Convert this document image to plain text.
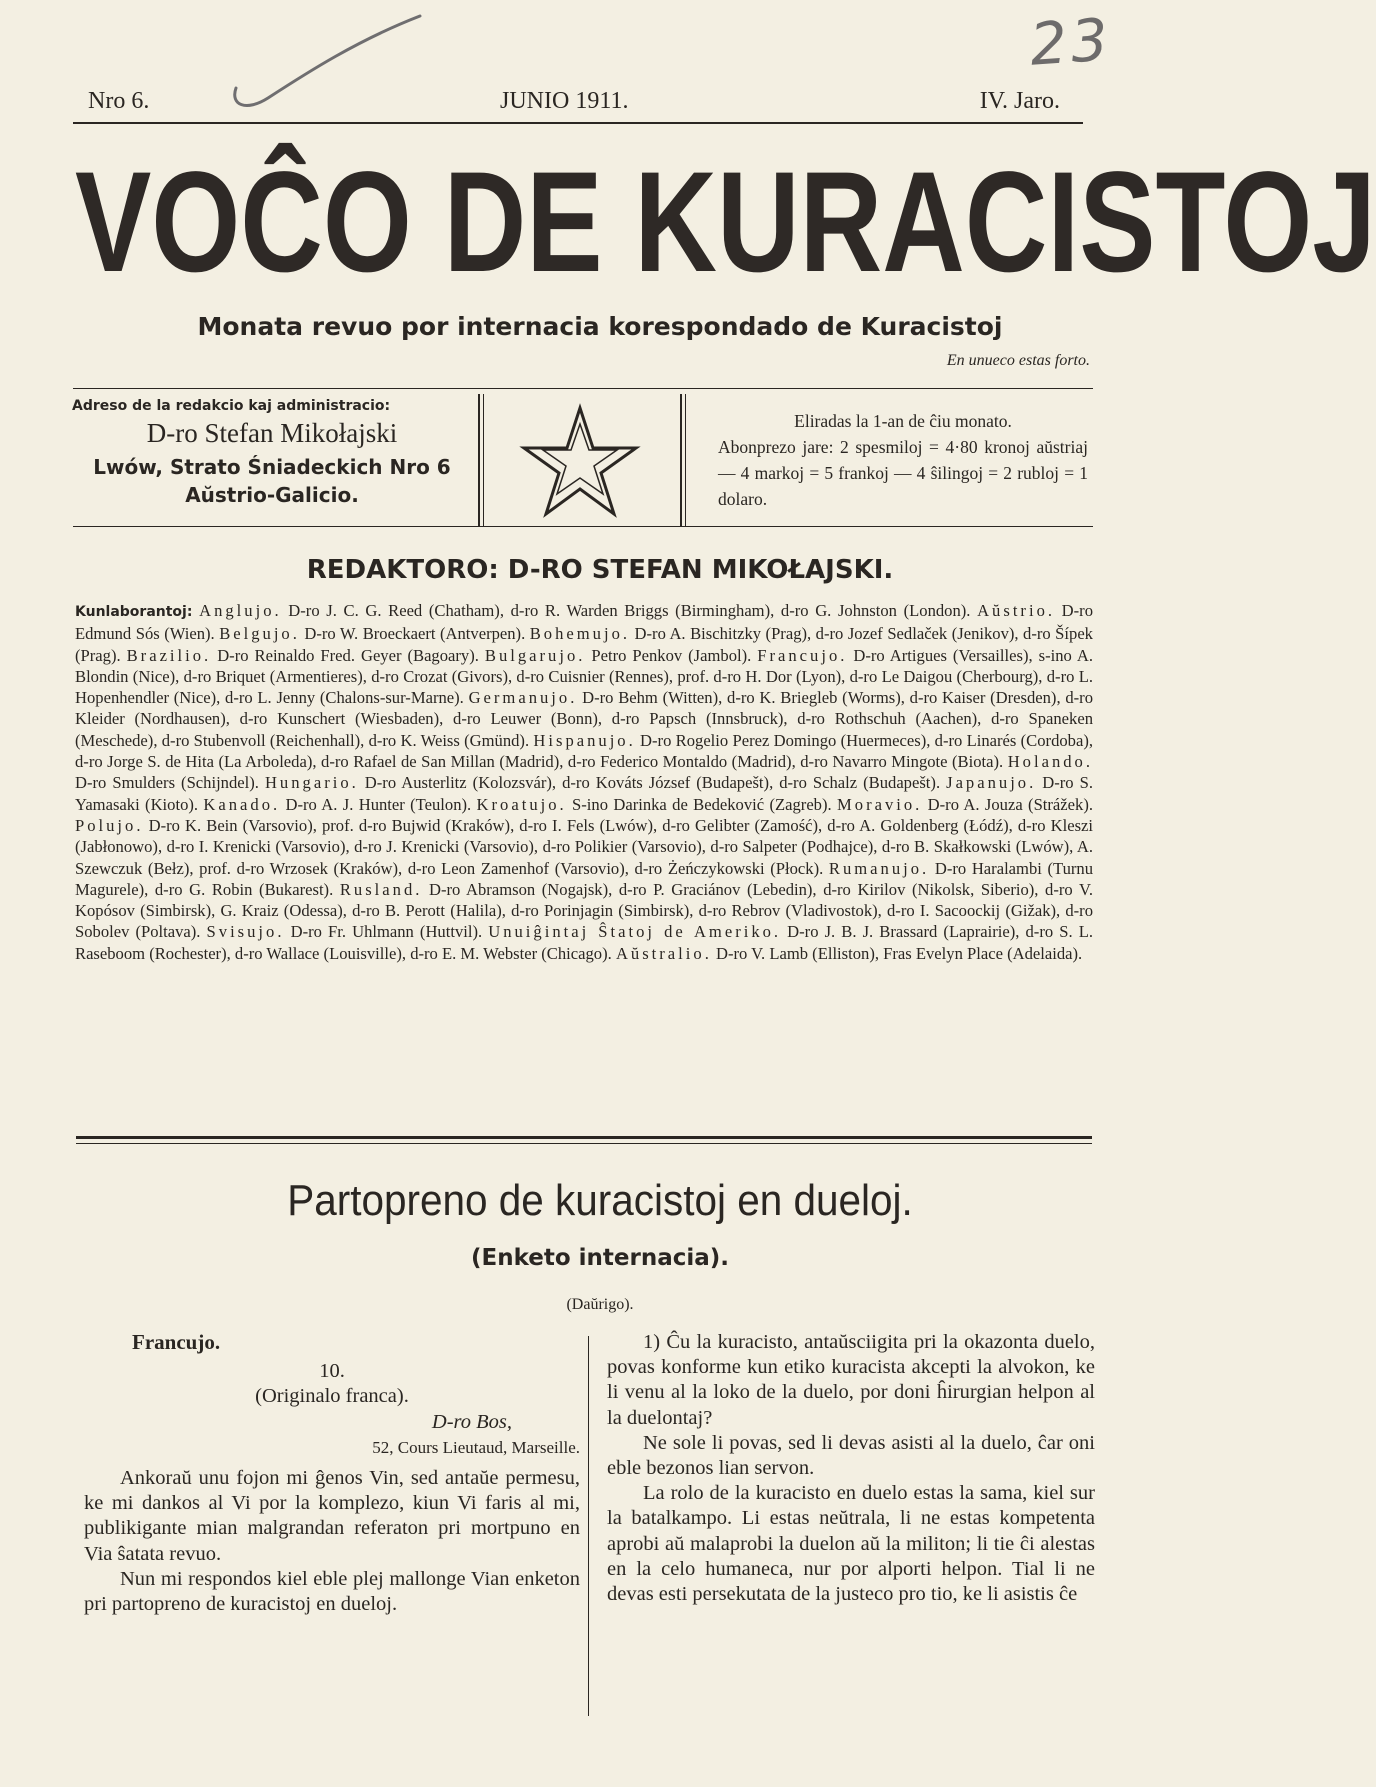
23
Nro 6.	JUNIO 1911.	IV. Jaro.
VOĈO DE KURACISTOJ
Monata revuo por internacia korespondado de Kuracistoj
En unueco estas forto.
Adreso de la redakcio kaj administracio:
D-ro Stefan Mikołajski
Lwów, Strato Śniadeckich Nro 6
Aŭstrio-Galicio.
Eliradas la 1-an de ĉiu monato.
Abonprezo jare: 2 spesmiloj = 4·80 kronoj aŭstriaj — 4 markoj = 5 frankoj — 4 ŝilingoj = 2 rubloj = 1 dolaro.
REDAKTORO: D-RO STEFAN MIKOŁAJSKI.
Kunlaborantoj: Anglujo. D-ro J. C. G. Reed (Chatham), d-ro R. Warden Briggs (Birmingham), d-ro G. Johnston (London). Aŭstrio. D-ro Edmund Sós (Wien). Belgujo. D-ro W. Broeckaert (Antverpen). Bohemujo. D-ro A. Bischitzky (Prag), d-ro Jozef Sedlaček (Jenikov), d-ro Šípek (Prag). Brazilio. D-ro Reinaldo Fred. Geyer (Bagoary). Bulgarujo. Petro Penkov (Jambol). Francujo. D-ro Artigues (Versailles), s-ino A. Blondin (Nice), d-ro Briquet (Armentieres), d-ro Crozat (Givors), d-ro Cuisnier (Rennes), prof. d-ro H. Dor (Lyon), d-ro Le Daigou (Cherbourg), d-ro L. Hopenhendler (Nice), d-ro L. Jenny (Chalons-sur-Marne). Germanujo. D-ro Behm (Witten), d-ro K. Briegleb (Worms), d-ro Kaiser (Dresden), d-ro Kleider (Nordhausen), d-ro Kunschert (Wiesbaden), d-ro Leuwer (Bonn), d-ro Papsch (Innsbruck), d-ro Rothschuh (Aachen), d-ro Spaneken (Meschede), d-ro Stubenvoll (Reichenhall), d-ro K. Weiss (Gmünd). Hispanujo. D-ro Rogelio Perez Domingo (Huermeces), d-ro Linarés (Cordoba), d-ro Jorge S. de Hita (La Arboleda), d-ro Rafael de San Millan (Madrid), d-ro Federico Montaldo (Madrid), d-ro Navarro Mingote (Biota). Holando. D-ro Smulders (Schijndel). Hungario. D-ro Austerlitz (Kolozsvár), d-ro Kováts József (Budapešt), d-ro Schalz (Budapešt). Japanujo. D-ro S. Yamasaki (Kioto). Kanado. D-ro A. J. Hunter (Teulon). Kroatujo. S-ino Darinka de Bedeković (Zagreb). Moravio. D-ro A. Jouza (Strážek). Polujo. D-ro K. Bein (Varsovio), prof. d-ro Bujwid (Kraków), d-ro I. Fels (Lwów), d-ro Gelibter (Zamość), d-ro A. Goldenberg (Łódź), d-ro Kleszi (Jabłonowo), d-ro I. Krenicki (Varsovio), d-ro J. Krenicki (Varsovio), d-ro Polikier (Varsovio), d-ro Salpeter (Podhajce), d-ro B. Skałkowski (Lwów), A. Szewczuk (Bełz), prof. d-ro Wrzosek (Kraków), d-ro Leon Zamenhof (Varsovio), d-ro Żeńczykowski (Płock). Rumanujo. D-ro Haralambi (Turnu Magurele), d-ro G. Robin (Bukarest). Rusland. D-ro Abramson (Nogajsk), d-ro P. Graciánov (Lebedin), d-ro Kirilov (Nikolsk, Siberio), d-ro V. Kopósov (Simbirsk), G. Kraiz (Odessa), d-ro B. Perott (Halila), d-ro Porinjagin (Simbirsk), d-ro Rebrov (Vladivostok), d-ro I. Sacoockij (Gižak), d-ro Sobolev (Poltava). Svisujo. D-ro Fr. Uhlmann (Huttvil). Unuiĝintaj Ŝtatoj de Ameriko. D-ro J. B. J. Brassard (Laprairie), d-ro S. L. Raseboom (Rochester), d-ro Wallace (Louisville), d-ro E. M. Webster (Chicago). Aŭstralio. D-ro V. Lamb (Elliston), Fras Evelyn Place (Adelaida).
Partopreno de kuracistoj en dueloj.
(Enketo internacia).
(Daŭrigo).
Francujo.
10.
(Originalo franca).
D-ro Bos,
52, Cours Lieutaud, Marseille.

Ankoraŭ unu fojon mi ĝenos Vin, sed antaŭe permesu, ke mi dankos al Vi por la komplezo, kiun Vi faris al mi, publikigante mian malgrandan referaton pri mortpuno en Via ŝatata revuo.

Nun mi respondos kiel eble plej mallonge Vian enketon pri partopreno de kuracistoj en dueloj.

1) Ĉu la kuracisto, antaŭsciigita pri la okazonta duelo, povas konforme kun etiko kuracista akcepti la alvokon, ke li venu al la loko de la duelo, por doni ĥirurgian helpon al la duelontaj?

Ne sole li povas, sed li devas asisti al la duelo, ĉar oni eble bezonos lian servon.

La rolo de la kuracisto en duelo estas la sama, kiel sur la batalkampo. Li estas neŭtrala, li ne estas kompetenta aprobi aŭ malaprobi la duelon aŭ la militon; li tie ĉi alestas en la celo humaneca, nur por alporti helpon. Tial li ne devas esti persekutata de la justeco pro tio, ke li asistis ĉe
